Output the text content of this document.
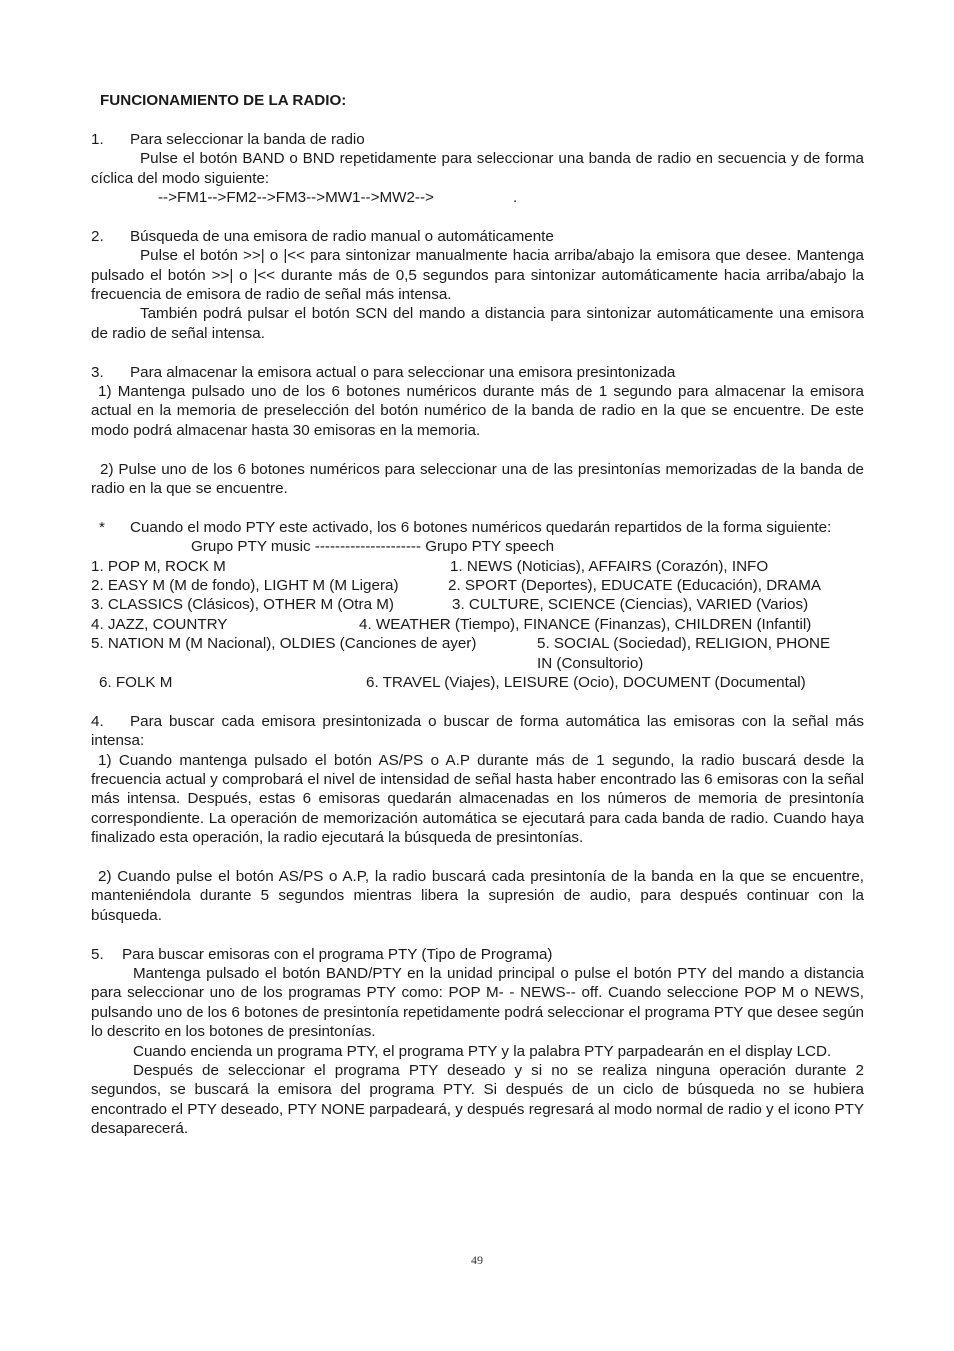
FUNCIONAMIENTO DE LA RADIO:

1. Para seleccionar la banda de radio

Pulse el botón BAND o BND repetidamente para seleccionar una banda de radio en secuencia y de forma cíclica del modo siguiente:

-->FM1-->FM2-->FM3-->MW1-->MW2-->	.

2. Búsqueda de una emisora de radio manual o automáticamente

Pulse el botón >>| o |<< para sintonizar manualmente hacia arriba/abajo la emisora que desee. Mantenga pulsado el botón >>| o |<< durante más de 0,5 segundos para sintonizar automáticamente hacia arriba/abajo la frecuencia de emisora de radio de señal más intensa.

También podrá pulsar el botón SCN del mando a distancia para sintonizar automáticamente una emisora de radio de señal intensa.

3. Para almacenar la emisora actual o para seleccionar una emisora presintonizada

1) Mantenga pulsado uno de los 6 botones numéricos durante más de 1 segundo para almacenar la emisora actual en la memoria de preselección del botón numérico de la banda de radio en la que se encuentre. De este modo podrá almacenar hasta 30 emisoras en la memoria.

2) Pulse uno de los 6 botones numéricos para seleccionar una de las presintonías memorizadas de la banda de radio en la que se encuentre.

* Cuando el modo PTY este activado, los 6 botones numéricos quedarán repartidos de la forma siguiente:

Grupo PTY music --------------------- Grupo PTY speech
1. POP M, ROCK M	1. NEWS (Noticias), AFFAIRS (Corazón), INFO
2. EASY M (M de fondo), LIGHT M (M Ligera)	2. SPORT (Deportes), EDUCATE (Educación), DRAMA
3. CLASSICS (Clásicos), OTHER M (Otra M)	3. CULTURE, SCIENCE (Ciencias), VARIED (Varios)
4. JAZZ, COUNTRY	4. WEATHER (Tiempo), FINANCE (Finanzas), CHILDREN (Infantil)
5. NATION M (M Nacional), OLDIES (Canciones de ayer)	5. SOCIAL (Sociedad), RELIGION, PHONE
IN (Consultorio)
6. FOLK M	6. TRAVEL (Viajes), LEISURE (Ocio), DOCUMENT (Documental)

4. Para buscar cada emisora presintonizada o buscar de forma automática las emisoras con la señal más intensa:

1) Cuando mantenga pulsado el botón AS/PS o A.P durante más de 1 segundo, la radio buscará desde la frecuencia actual y comprobará el nivel de intensidad de señal hasta haber encontrado las 6 emisoras con la señal más intensa. Después, estas 6 emisoras quedarán almacenadas en los números de memoria de presintonía correspondiente. La operación de memorización automática se ejecutará para cada banda de radio. Cuando haya finalizado esta operación, la radio ejecutará la búsqueda de presintonías.

2) Cuando pulse el botón AS/PS o A.P, la radio buscará cada presintonía de la banda en la que se encuentre, manteniéndola durante 5 segundos mientras libera la supresión de audio, para después continuar con la búsqueda.

5. Para buscar emisoras con el programa PTY (Tipo de Programa)

Mantenga pulsado el botón BAND/PTY en la unidad principal o pulse el botón PTY del mando a distancia para seleccionar uno de los programas PTY como: POP M- - NEWS-- off. Cuando seleccione POP M o NEWS, pulsando uno de los 6 botones de presintonía repetidamente podrá seleccionar el programa PTY que desee según lo descrito en los botones de presintonías.

Cuando encienda un programa PTY, el programa PTY y la palabra PTY parpadearán en el display LCD.

Después de seleccionar el programa PTY deseado y si no se realiza ninguna operación durante 2 segundos, se buscará la emisora del programa PTY. Si después de un ciclo de búsqueda no se hubiera encontrado el PTY deseado, PTY NONE parpadeará, y después regresará al modo normal de radio y el icono PTY desaparecerá.

49
